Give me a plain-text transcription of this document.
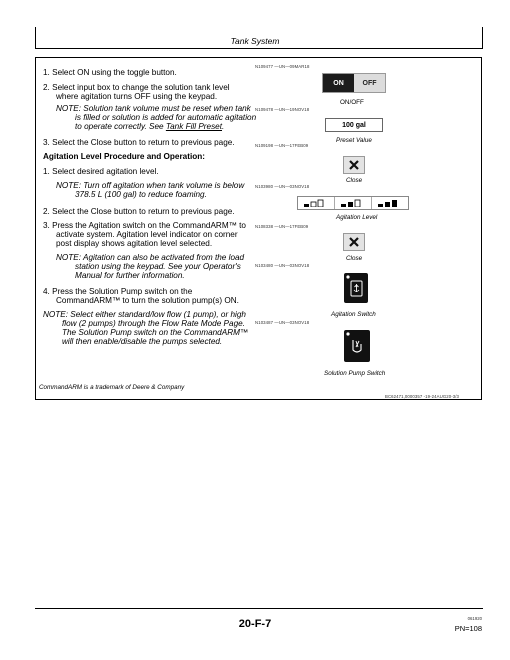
Tank System
1. Select ON using the toggle button.
2. Select input box to change the solution tank level
where agitation turns OFF using the keypad.
NOTE: Solution tank volume must be reset when tank
is filled or solution is added for automatic agitation
to operate correctly. See Tank Fill Preset.
3. Select the Close button to return to previous page.
Agitation Level Procedure and Operation:
1. Select desired agitation level.
NOTE: Turn off agitation when tank volume is below
378.5 L (100 gal) to reduce foaming.
2. Select the Close button to return to previous page.
3. Press the Agitation switch on the CommandARM™ to
activate system. Agitation level indicator on corner
post display shows agitation level selected.
NOTE: Agitation can also be activated from the load
station using the keypad. See your Operator's
Manual for further information.
4. Press the Solution Pump switch on the
CommandARM™ to turn the solution pump(s) ON.
NOTE: Select either standard/low flow (1 pump), or high
flow (2 pumps) through the Flow Rate Mode Page.
The Solution Pump switch on the CommandARM™
will then enable/disable the pumps selected.
N109477 —UN—09MAR18
ON	OFF
ON/OFF
N109478 —UN—19NOV18
100 gal
Preset Value
N109198 —UN—17FEB09
Close
N103980 —UN—03NOV18
Agitation Level
N108338 —UN—17FEB09
Close
N103480 —UN—03NOV18
Agitation Switch
N103487 —UN—03NOV18
Solution Pump Switch
CommandARM is a trademark of Deere & Company
BC62471,0000357 -19-24AUG20-3/3
20-F-7	061920
PN=108
